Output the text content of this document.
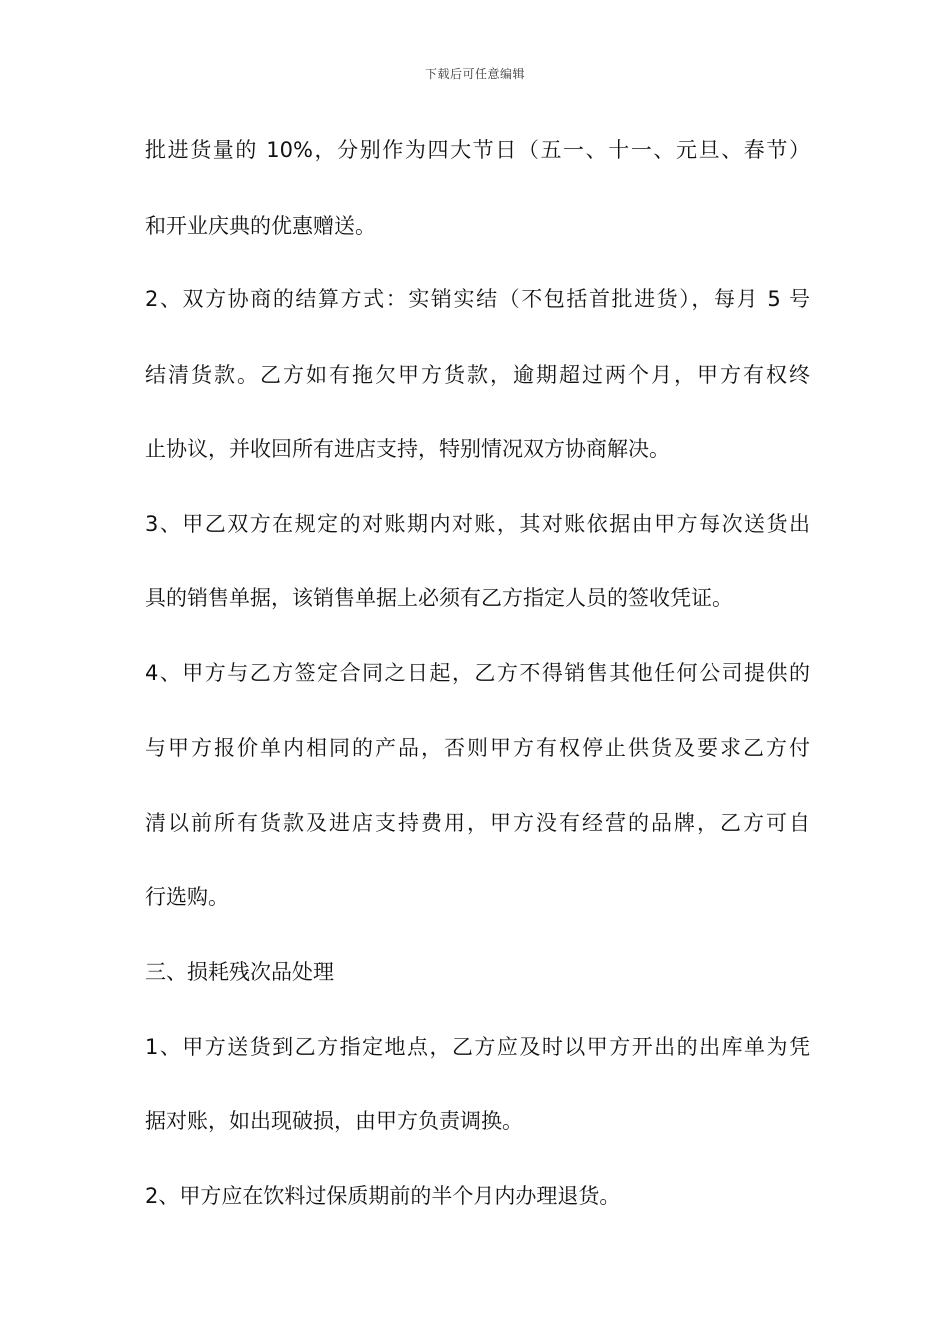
下载后可任意编辑
批进货量的 10%，分别作为四大节日（五一、十一、元旦、春节）
和开业庆典的优惠赠送。
2、双方协商的结算方式：实销实结（不包括首批进货），每月 5 号
结清货款。乙方如有拖欠甲方货款，逾期超过两个月，甲方有权终
止协议，并收回所有进店支持，特别情况双方协商解决。
3、甲乙双方在规定的对账期内对账，其对账依据由甲方每次送货出
具的销售单据，该销售单据上必须有乙方指定人员的签收凭证。
4、甲方与乙方签定合同之日起，乙方不得销售其他任何公司提供的
与甲方报价单内相同的产品，否则甲方有权停止供货及要求乙方付
清以前所有货款及进店支持费用，甲方没有经营的品牌，乙方可自
行选购。
三、损耗残次品处理
1、甲方送货到乙方指定地点，乙方应及时以甲方开出的出库单为凭
据对账，如出现破损，由甲方负责调换。
2、甲方应在饮料过保质期前的半个月内办理退货。
